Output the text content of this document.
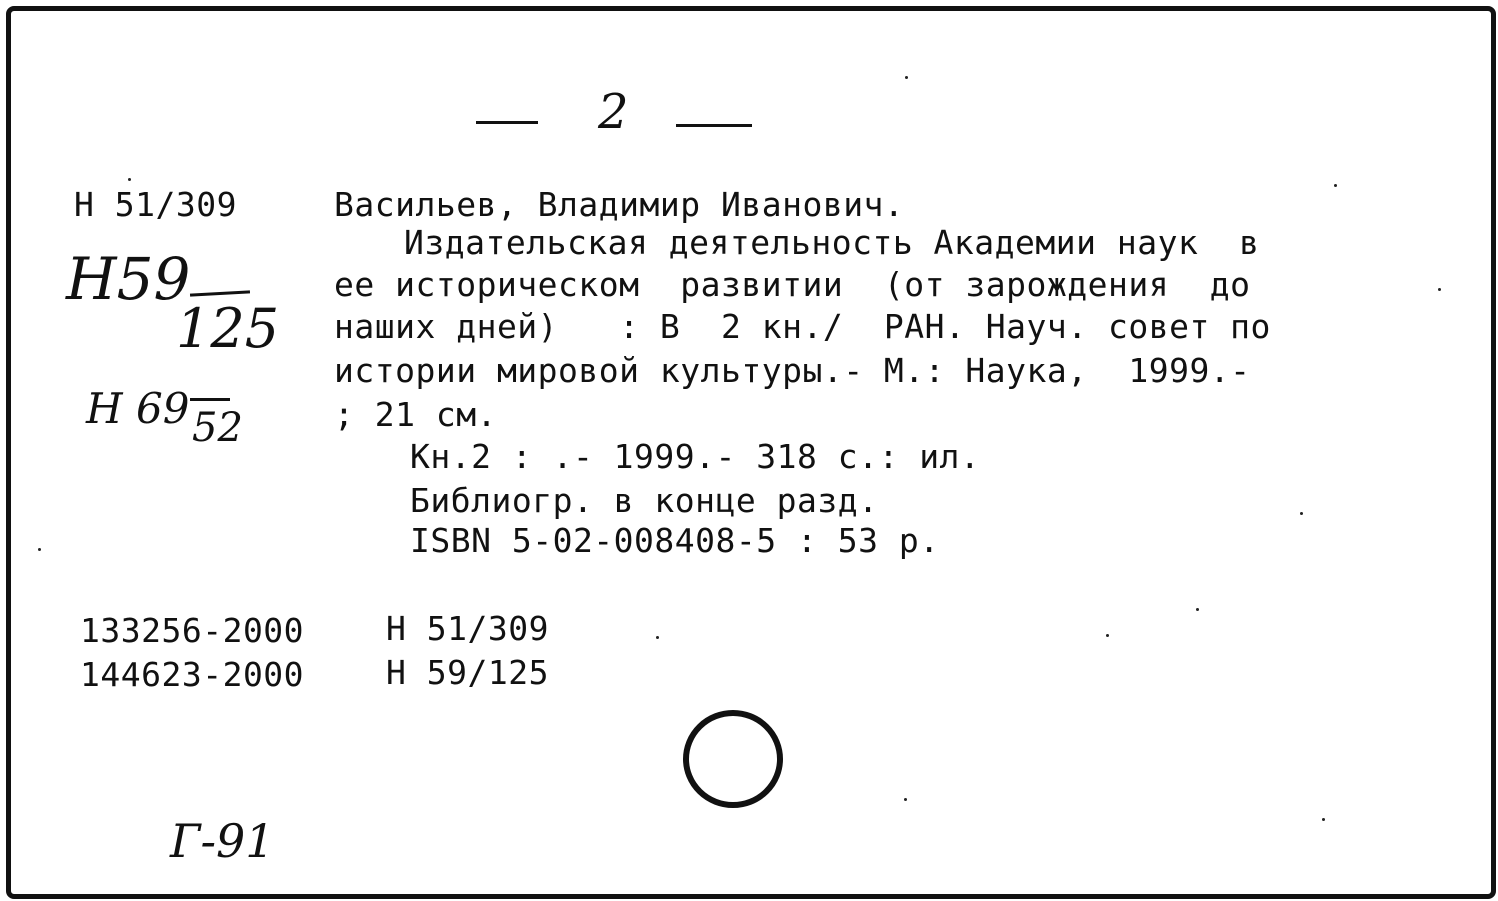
2
Н 51/309
Н59
125
Н 69 52
Васильев, Владимир Иванович.
Издательская деятельность Академии наук  в
ее историческом  развитии  (от зарождения  до
наших дней)   : В  2 кн./  РАН. Науч. совет по
истории мировой культуры.- М.: Наука,  1999.-
; 21 см.
Кн.2 : .- 1999.- 318 с.: ил.
Библиогр. в конце разд.
ISBN 5-02-008408-5 : 53 р.
133256-2000 Н 51/309
144623-2000 Н 59/125
Г-91
